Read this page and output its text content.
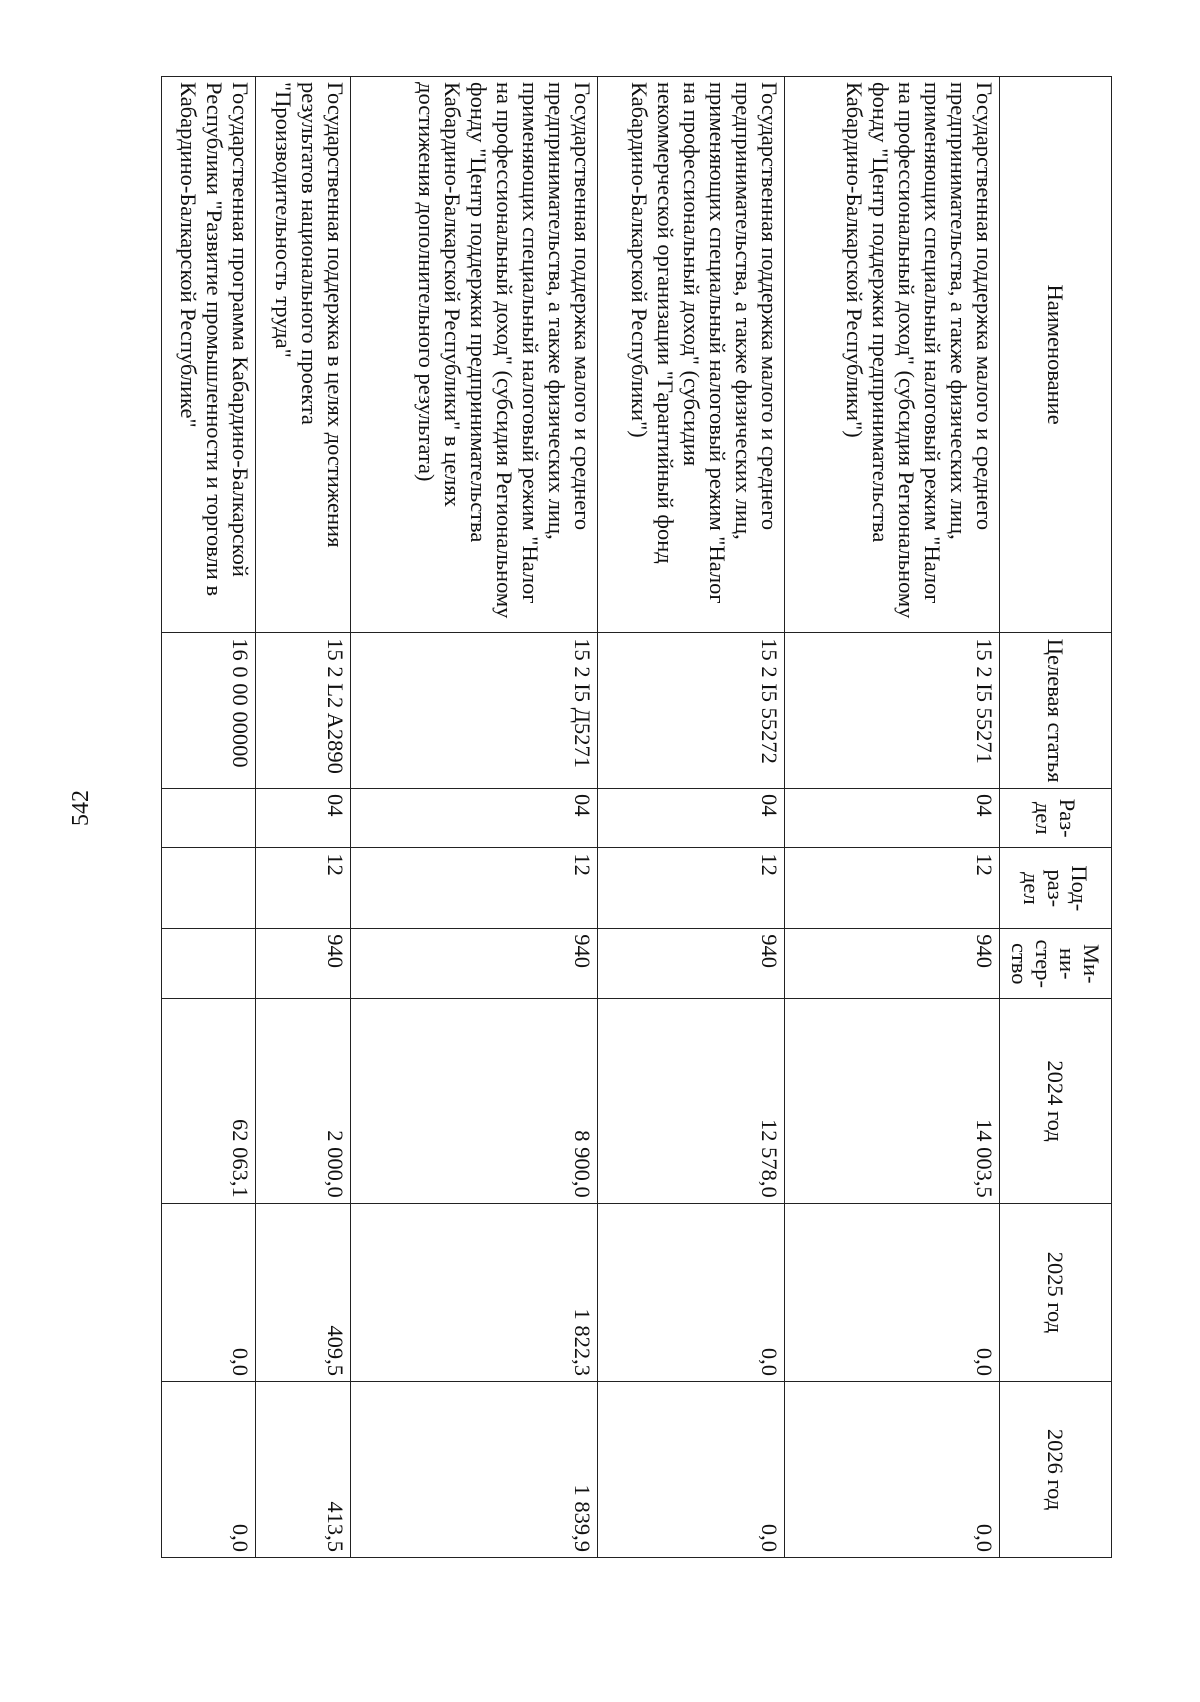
542
Наименование	Целевая статья	Раз-дел	Под-раз-дел	Ми-ни-стер-ство	2024 год	2025 год	2026 год
Государственная поддержка малого и среднего предпринимательства, а также физических лиц, применяющих специальный налоговый режим "Налог на профессиональный доход" (субсидия Региональному фонду "Центр поддержки предпринимательства Кабардино-Балкарской Республики")	15 2 I5 55271	04	12	940	14 003,5	0,0	0,0
Государственная поддержка малого и среднего предпринимательства, а также физических лиц, применяющих специальный налоговый режим "Налог на профессиональный доход" (субсидия некоммерческой организации "Гарантийный фонд Кабардино-Балкарской Республики")	15 2 I5 55272	04	12	940	12 578,0	0,0	0,0
Государственная поддержка малого и среднего предпринимательства, а также физических лиц, применяющих специальный налоговый режим "Налог на профессиональный доход" (субсидия Региональному фонду "Центр поддержки предпринимательства Кабардино-Балкарской Республики" в целях достижения дополнительного результата)	15 2 I5 Д5271	04	12	940	8 900,0	1 822,3	1 839,9
Государственная поддержка в целях достижения результатов национального проекта "Производительность труда"	15 2 L2 A2890	04	12	940	2 000,0	409,5	413,5
Государственная программа Кабардино-Балкарской Республики "Развитие промышленности и торговли в Кабардино-Балкарской Республике"	16 0 00 00000				62 063,1	0,0	0,0
